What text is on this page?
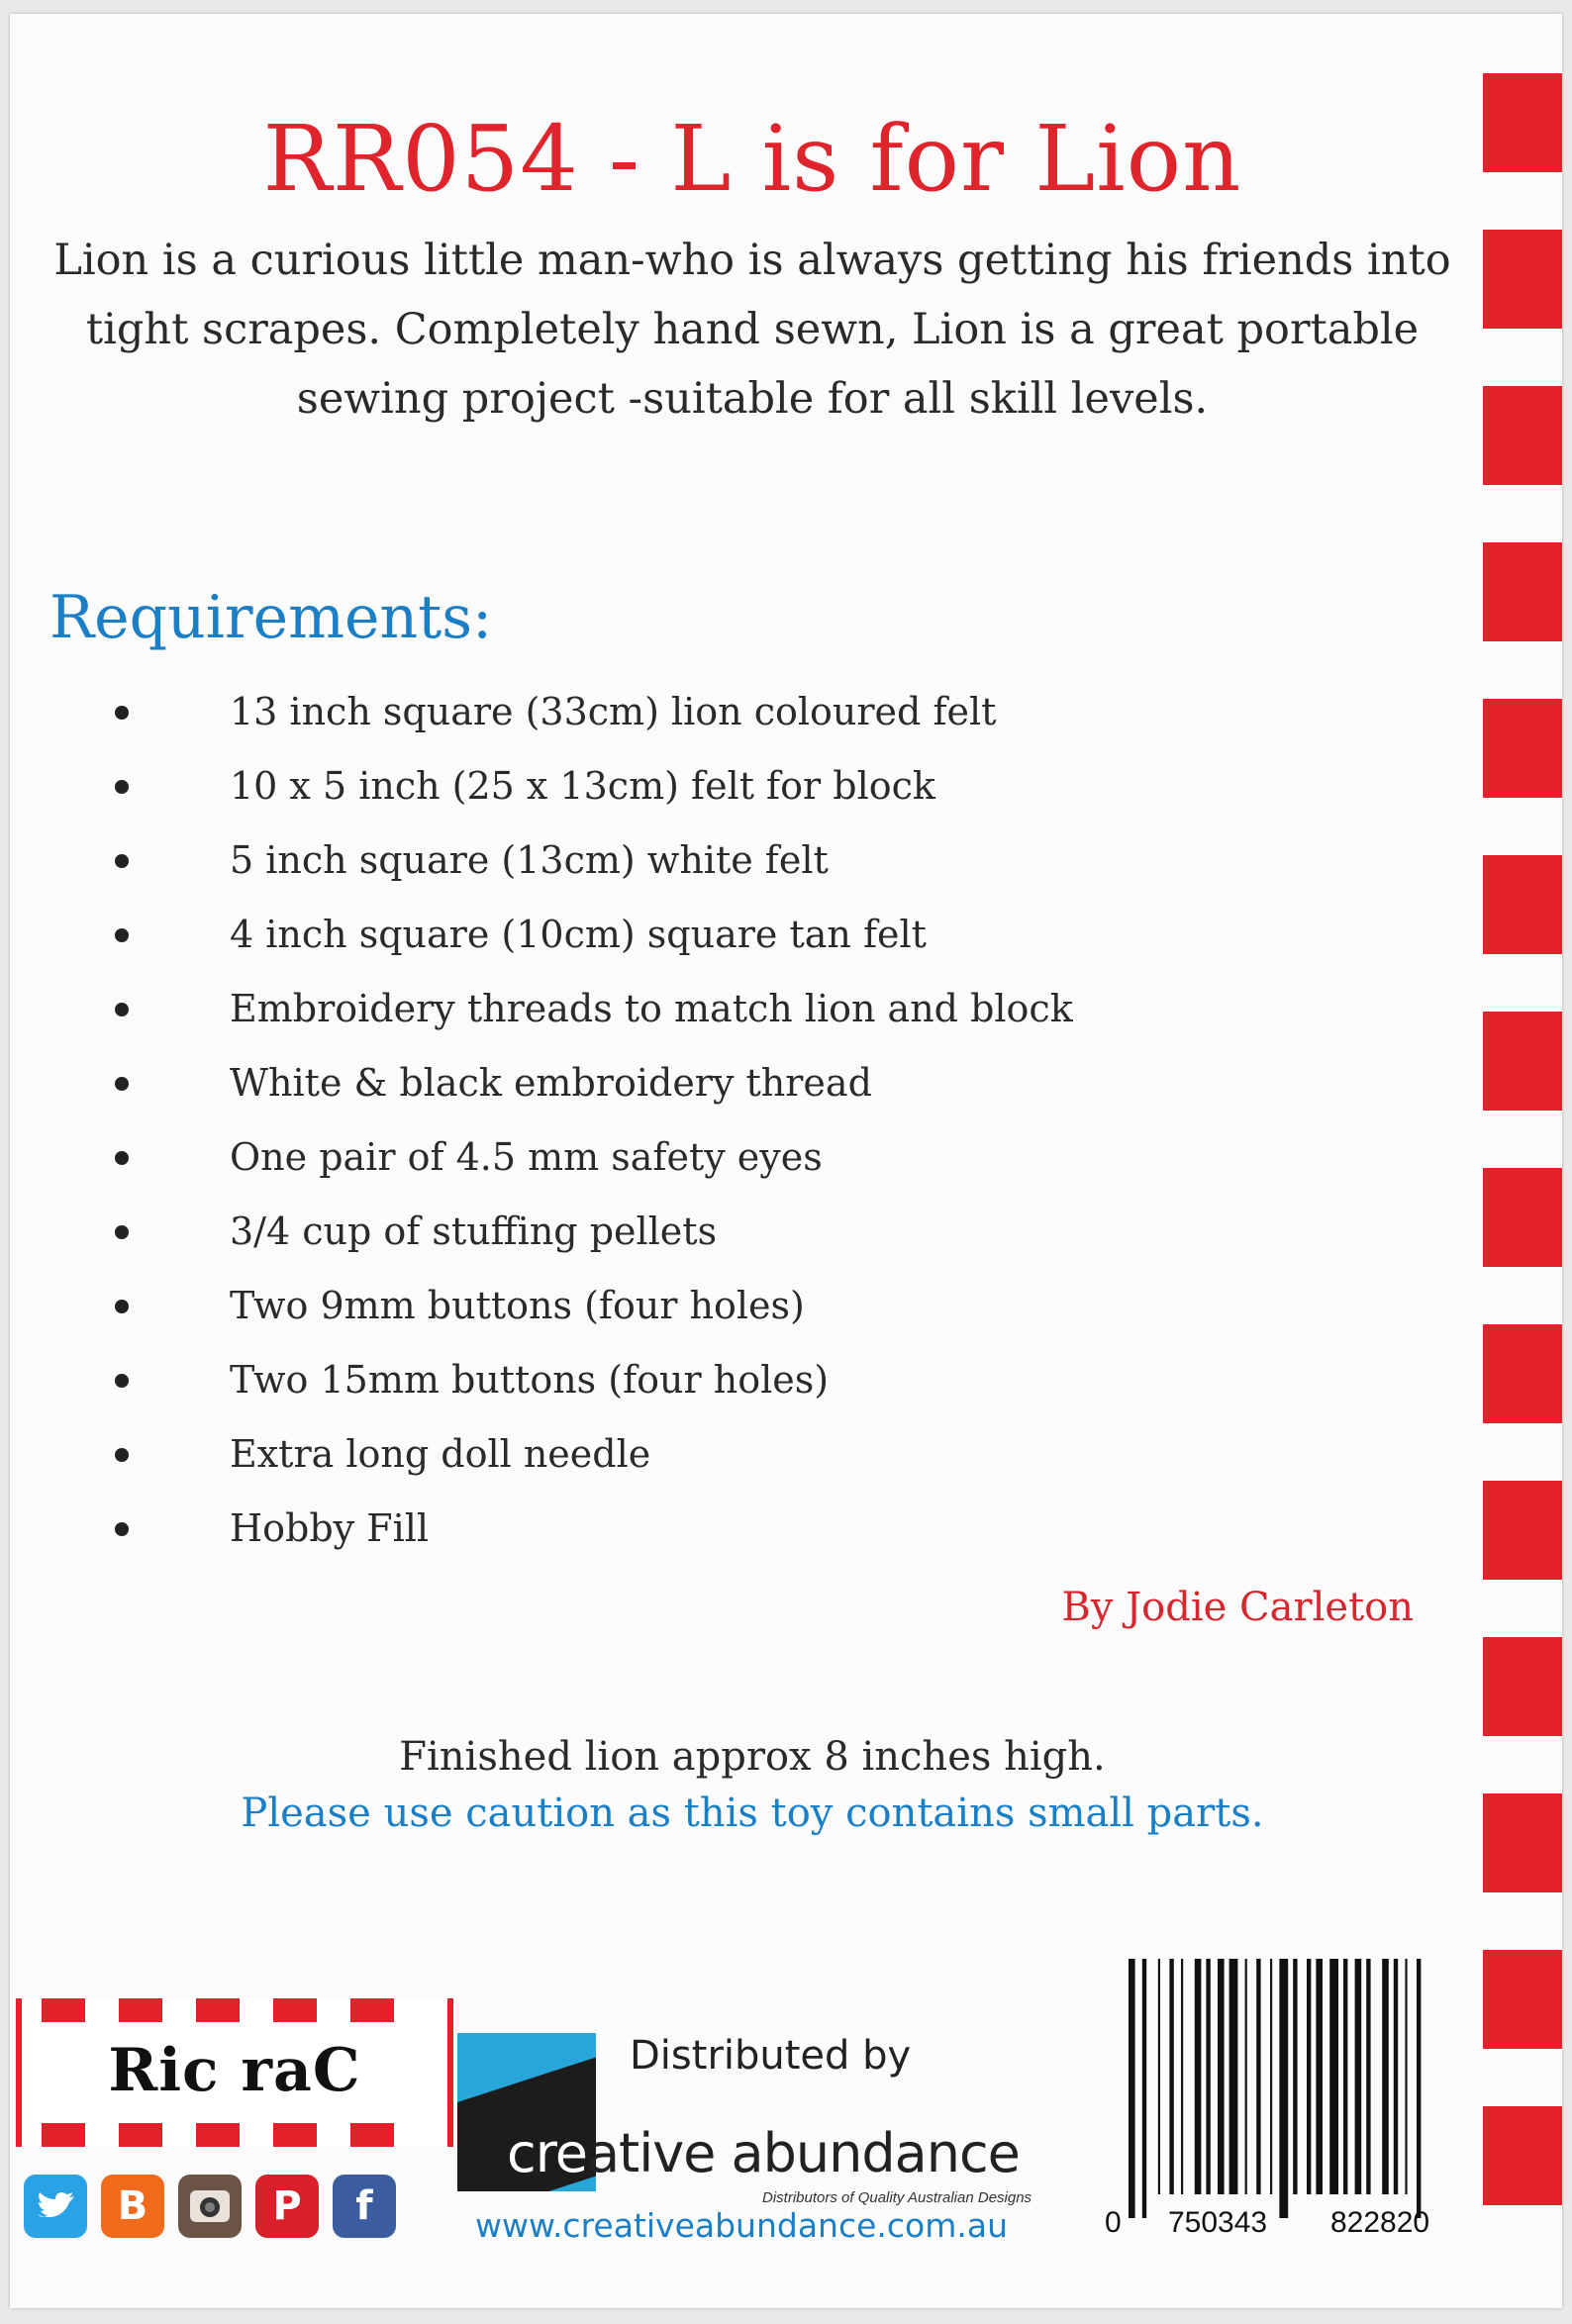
RR054 - L is for Lion
Lion is a curious little man-who is always getting his friends into tight scrapes. Completely hand sewn, Lion is a great portable sewing project -suitable for all skill levels.
Requirements:
13 inch square (33cm) lion coloured felt
10 x 5 inch (25 x 13cm) felt for block
5 inch square (13cm) white felt
4 inch square (10cm) square tan felt
Embroidery threads to match lion and block
White & black embroidery thread
One pair of 4.5 mm safety eyes
3/4 cup of stuffing pellets
Two 9mm buttons (four holes)
Two 15mm buttons (four holes)
Extra long doll needle
Hobby Fill
By Jodie Carleton
Finished lion approx 8 inches high.
Please use caution as this toy contains small parts.
Ric raC
B	P	f
Distributed by
creative abundance
Distributors of Quality Australian Designs
www.creativeabundance.com.au	0 750343 822820
